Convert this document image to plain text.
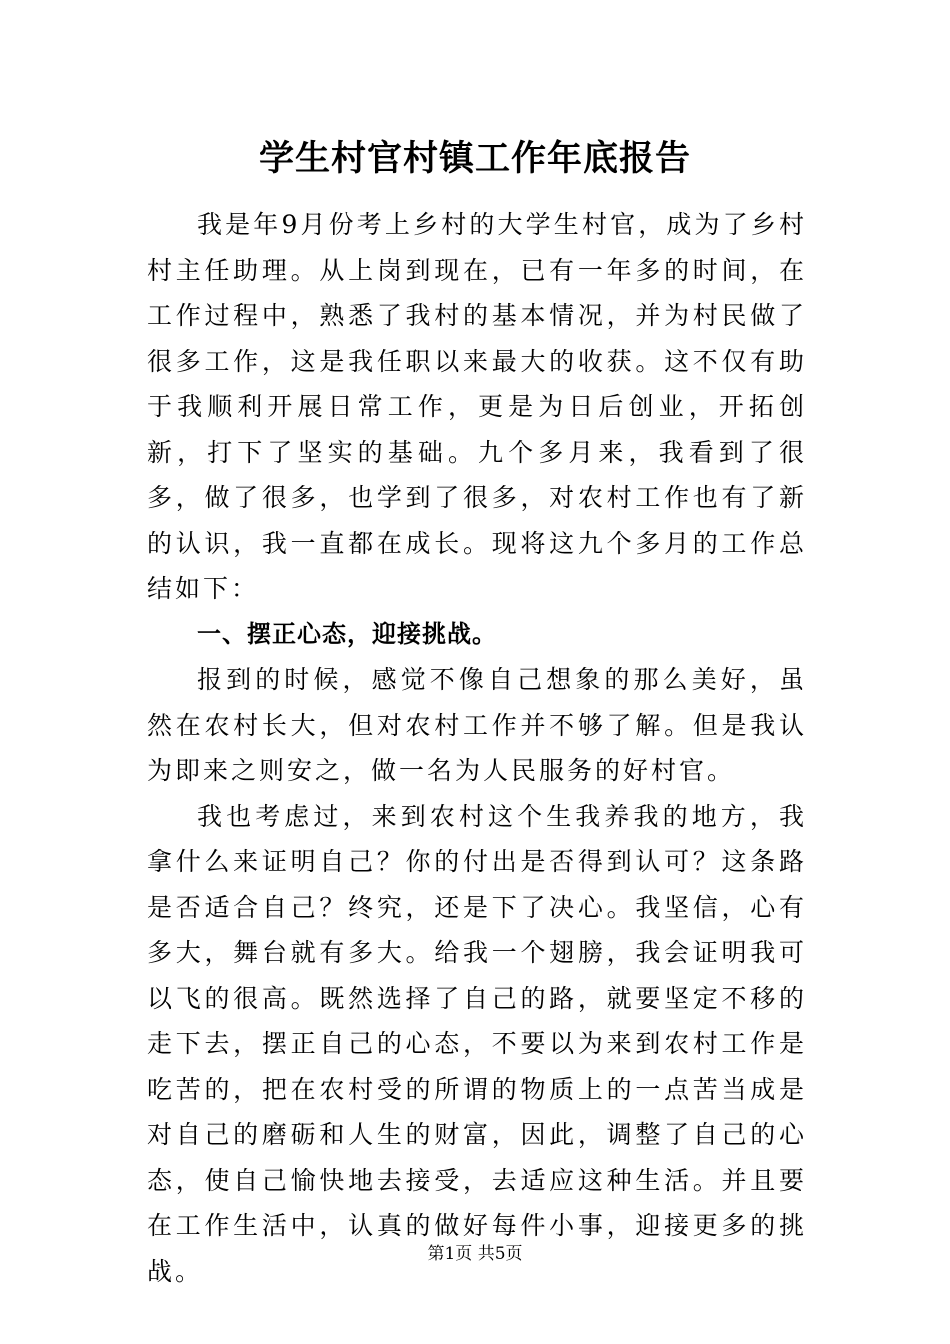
学生村官村镇工作年底报告

我是年9月份考上乡村的大学生村官，成为了乡村村主任助理。从上岗到现在，已有一年多的时间，在工作过程中，熟悉了我村的基本情况，并为村民做了很多工作，这是我任职以来最大的收获。这不仅有助于我顺利开展日常工作，更是为日后创业，开拓创新，打下了坚实的基础。九个多月来，我看到了很多，做了很多，也学到了很多，对农村工作也有了新的认识，我一直都在成长。现将这九个多月的工作总结如下：

一、摆正心态，迎接挑战。

报到的时候，感觉不像自己想象的那么美好，虽然在农村长大，但对农村工作并不够了解。但是我认为即来之则安之，做一名为人民服务的好村官。

我也考虑过，来到农村这个生我养我的地方，我拿什么来证明自己？你的付出是否得到认可？这条路是否适合自己？终究，还是下了决心。我坚信，心有多大，舞台就有多大。给我一个翅膀，我会证明我可以飞的很高。既然选择了自己的路，就要坚定不移的走下去，摆正自己的心态，不要以为来到农村工作是吃苦的，把在农村受的所谓的物质上的一点苦当成是对自己的磨砺和人生的财富，因此，调整了自己的心态，使自己愉快地去接受，去适应这种生活。并且要在工作生活中，认真的做好每件小事，迎接更多的挑战。

第1页 共5页
